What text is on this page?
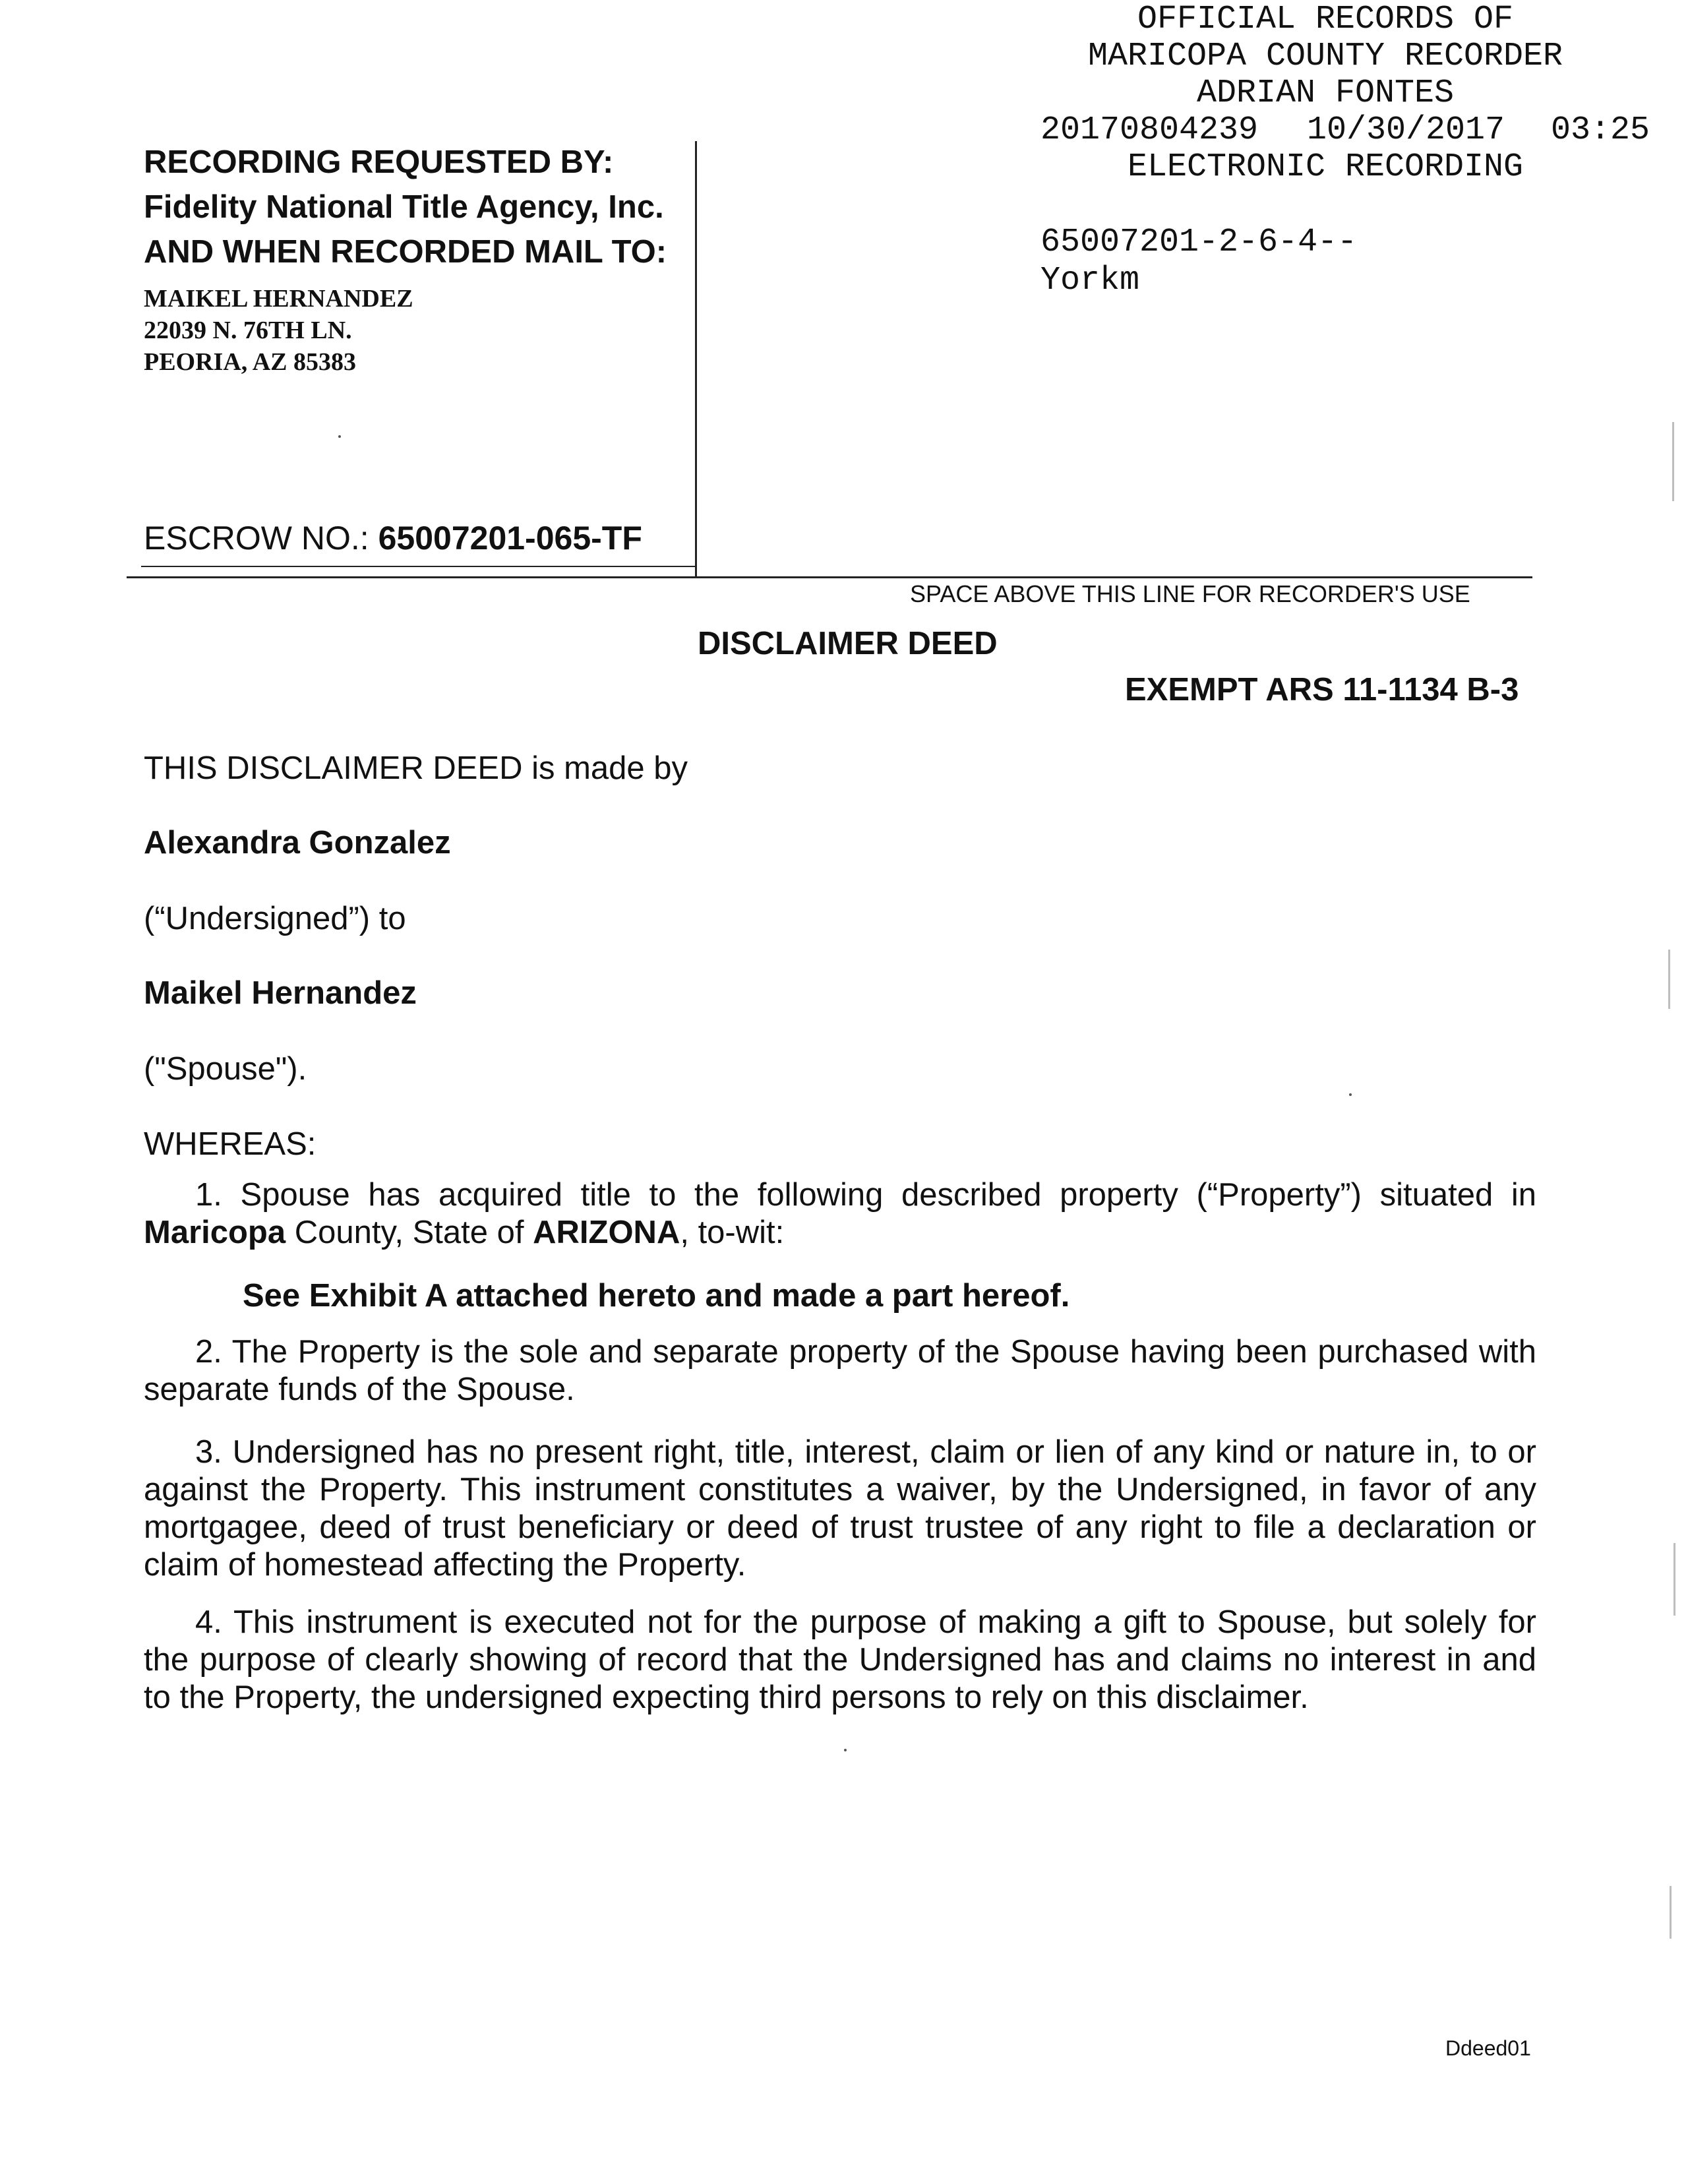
OFFICIAL RECORDS OF
MARICOPA COUNTY RECORDER
ADRIAN FONTES
20170804239 10/30/2017 03:25
ELECTRONIC RECORDING
65007201-2-6-4--
Yorkm
RECORDING REQUESTED BY:
Fidelity National Title Agency, Inc.
AND WHEN RECORDED MAIL TO:
MAIKEL HERNANDEZ
22039 N. 76TH LN.
PEORIA, AZ 85383
ESCROW NO.: 65007201-065-TF
SPACE ABOVE THIS LINE FOR RECORDER'S USE
DISCLAIMER DEED
EXEMPT ARS 11-1134 B-3
THIS DISCLAIMER DEED is made by
Alexandra Gonzalez
(“Undersigned”) to
Maikel Hernandez
("Spouse").
WHEREAS:
1. Spouse has acquired title to the following described property (“Property”) situated in Maricopa County, State of ARIZONA, to-wit:
See Exhibit A attached hereto and made a part hereof.
2. The Property is the sole and separate property of the Spouse having been purchased with separate funds of the Spouse.
3. Undersigned has no present right, title, interest, claim or lien of any kind or nature in, to or against the Property. This instrument constitutes a waiver, by the Undersigned, in favor of any mortgagee, deed of trust beneficiary or deed of trust trustee of any right to file a declaration or claim of homestead affecting the Property.
4. This instrument is executed not for the purpose of making a gift to Spouse, but solely for the purpose of clearly showing of record that the Undersigned has and claims no interest in and to the Property, the undersigned expecting third persons to rely on this disclaimer.
Ddeed01
